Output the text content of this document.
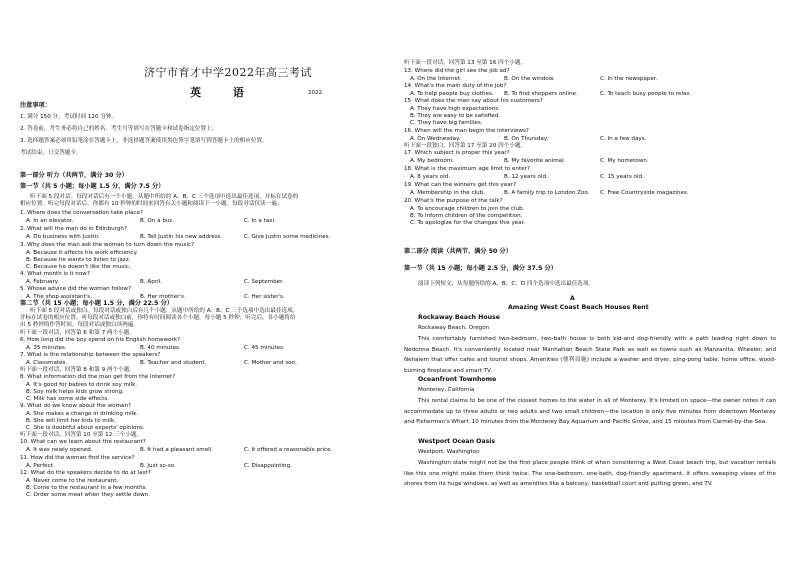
济宁市育才中学2022年高三考试
英 语	2022.
注意事项：
1. 满分 150 分，考试时间 120 分钟。
2. 答卷前，考生务必将自己的姓名、考生号等填写在答题卡和试卷指定位置上。
3. 选择题答案必须用铅笔涂在答题卡上，非选择题答案使用黑色签字笔填写到答题卡上的相应位置。
考试结束，只交答题卡。
第一部分 听力（共两节，满分 30 分）
第一节（共 5 小题；每小题 1.5 分，满分 7.5 分）
听下面 5 段对话。每段对话后有一个小题，从题中所给的 A、B、C 三个选项中选出最佳选项，并标在试卷的
相应位置。听完每段对话后，你都有 10 秒钟的时间来回答有关小题和阅读下一小题。每段对话仅读一遍。
1. Where does the conversation take place?
A. In an elevator.	B. On a bus.	C. In a taxi.
2. What will the man do in Edinburgh?
A. Do business with Justin.	B. Tell Justin his new address.	C. Give Justin some medicines.
3. Why does the man ask the woman to turn down the music?
A. Because it affects his work efficiency.
B. Because he wants to listen to jazz.
C. Because he doesn't like the music.
4. What month is it now?
A. February.	B. April.	C. September.
5. Whose advice did the woman follow?
A. The shop assistant's.	B. Her mother's.	C. Her sister's.
第二节（共 15 小题；每小题 1.5 分，满分 22.5 分）
听下面 5 段对话或独白。每段对话或独白后有几个小题，从题中所给的 A、B、C 三个选项中选出最佳选项，
并标在试卷的相应位置。听每段对话或独白前，你将有时间阅读各个小题，每小题 5 秒钟；听完后，各小题将给
出 5 秒钟的作答时间。每段对话或独白读两遍。
听下面一段对话，回答第 6 和第 7 两个小题。
6. How long did the boy spend on his English homework?
A. 35 minutes.	B. 40 minutes.	C. 45 minutes.
7. What is the relationship between the speakers?
A. Classmates.	B. Teacher and student.	C. Mother and son.
听下面一段对话，回答第 8 和第 9 两个小题。
8. What information did the man get from the Internet?
A. It's good for babies to drink soy milk.
B. Soy milk helps kids grow strong.
C. Milk has some side effects.
9. What do we know about the woman?
A. She makes a change in drinking milk.
B. She will limit her kids to milk.
C. She is doubtful about experts' opinions.
听下面一段对话，回答第 10 至第 12 三个小题。
10. What can we learn about the restaurant?
A. It was newly opened.	B. It had a pleasant smell.	C. It offered a reasonable price.
11. How did the woman find the service?
A. Perfect.	B. Just so-so.	C. Disappointing.
12. What do the speakers decide to do at last?
A. Never come to the restaurant.
B. Come to the restaurant in a few months.
C. Order some meat when they settle down.
听下面一段对话，回答第 13 至第 16 四个小题。
13. Where did the girl see the job ad?
A. On the Internet.	B. On the window.	C. In the newspaper.
14. What's the main duty of the job?
A. To help people buy clothes. B. To find shoppers online.	C. To teach busy people to relax.
15. What does the man say about his customers?
A. They have high expectations.
B. They are easy to be satisfied.
C. They have big families.
16. When will the man begin the interviews?
A. On Wednesday.	B. On Thursday.	C. In a few days.
听下面一段独白，回答第 17 至第 20 四个小题。
17. Which subject is proper this year?
A. My bedroom.	B. My favorite animal.	C. My hometown.
18. What is the maximum age limit to enter?
A. 8 years old.	B. 12 years old.	C. 15 years old.
19. What can the winners get this year?
A. Membership in the club.	B. A family trip to London Zoo. C. Free Countryside magazines.
20. What's the purpose of the talk?
A. To encourage children to join the club.
B. To inform children of the competition.
C. To apologize for the changes this year.
第二部分 阅读（共两节，满分 50 分）
第一节（共 15 小题；每小题 2.5 分，满分 37.5 分）
阅读下列短文，从每题所给的 A、B、C、D 四个选项中选出最佳选项。
A
Amazing West Coast Beach Houses Rent
Rockaway Beach House
Rockaway Beach, Oregon
This comfortably furnished two-bedroom, two-bath house is both kid-and dog-friendly with a path leading right down to Nedonna Beach. It's conveniently located near Manhattan Beach State Park as well as towns such as Manzanita, Wheeler, and Nehalem that offer cafes and tourist shops. Amenities (便利设施) include a washer and dryer, ping-pong table, home office, wood-burning fireplace and smart TV.
Oceanfront Townhome
Monterey, California
This rental claims to be one of the closest homes to the water in all of Monterey. It's limited on space—the owner notes it can accommodate up to three adults or two adults and two small children—the location is only five minutes from downtown Monterey and Fisherman's Wharf, 10 minutes from the Monterey Bay Aquarium and Pacific Grove, and 15 minutes from Carmel-by-the-Sea.
Westport Ocean Oasis
Westport, Washington
Washington state might not be the first place people think of when considering a West Coast beach trip, but vacation rentals like this one might make them think twice. The one-bedroom, one-bath, dog-friendly apartment, it offers sweeping views of the shores from its huge windows, as well as amenities like a balcony, basketball court and putting green, and TV.
